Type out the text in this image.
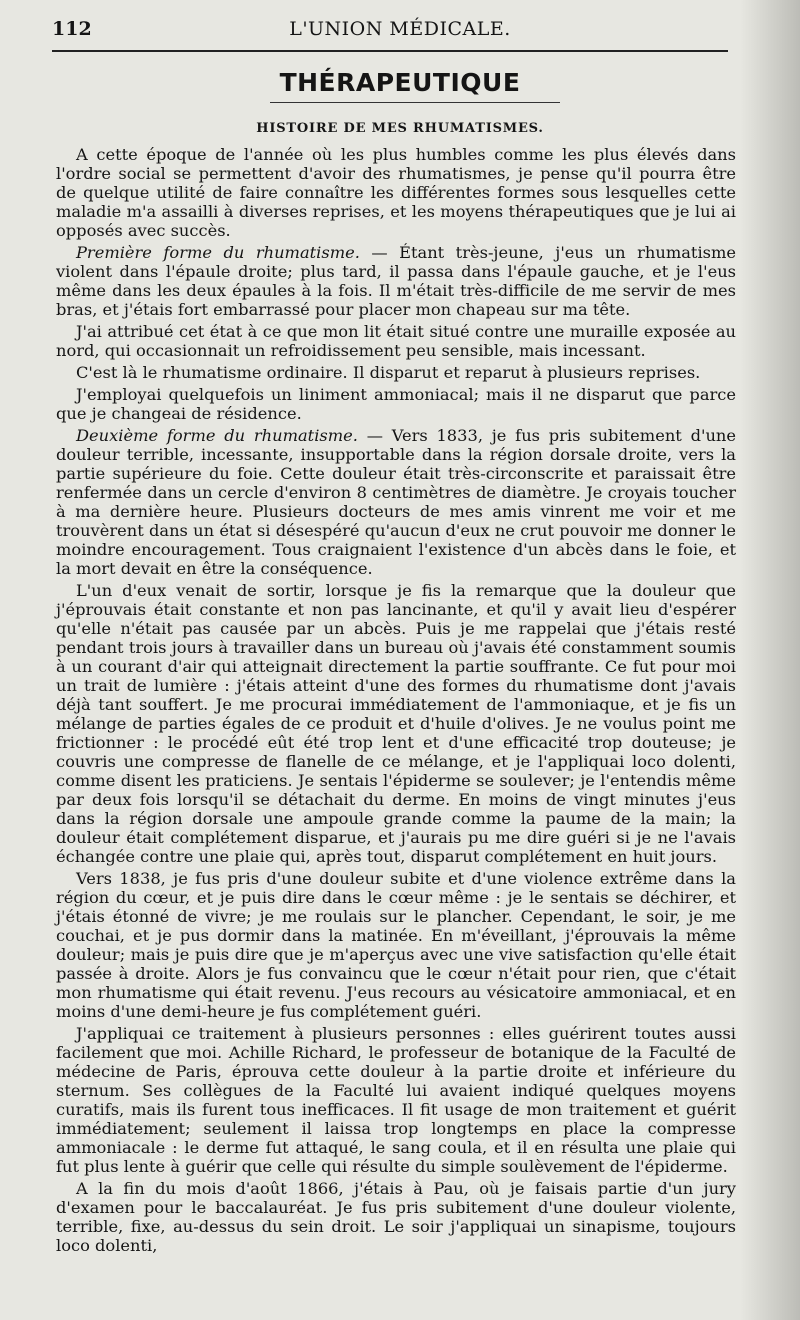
112	L'UNION MÉDICALE.
THÉRAPEUTIQUE
HISTOIRE DE MES RHUMATISMES.

A cette époque de l'année où les plus humbles comme les plus élevés dans l'ordre social se permettent d'avoir des rhumatismes, je pense qu'il pourra être de quelque utilité de faire connaître les différentes formes sous lesquelles cette maladie m'a assailli à diverses reprises, et les moyens thérapeutiques que je lui ai opposés avec succès.

Première forme du rhumatisme. — Étant très-jeune, j'eus un rhumatisme violent dans l'épaule droite; plus tard, il passa dans l'épaule gauche, et je l'eus même dans les deux épaules à la fois. Il m'était très-difficile de me servir de mes bras, et j'étais fort embarrassé pour placer mon chapeau sur ma tête.

J'ai attribué cet état à ce que mon lit était situé contre une muraille exposée au nord, qui occasionnait un refroidissement peu sensible, mais incessant.

C'est là le rhumatisme ordinaire. Il disparut et reparut à plusieurs reprises.

J'employai quelquefois un liniment ammoniacal; mais il ne disparut que parce que je changeai de résidence.

Deuxième forme du rhumatisme. — Vers 1833, je fus pris subitement d'une douleur terrible, incessante, insupportable dans la région dorsale droite, vers la partie supérieure du foie. Cette douleur était très-circonscrite et paraissait être renfermée dans un cercle d'environ 8 centimètres de diamètre. Je croyais toucher à ma dernière heure. Plusieurs docteurs de mes amis vinrent me voir et me trouvèrent dans un état si désespéré qu'aucun d'eux ne crut pouvoir me donner le moindre encouragement. Tous craignaient l'existence d'un abcès dans le foie, et la mort devait en être la conséquence.

L'un d'eux venait de sortir, lorsque je fis la remarque que la douleur que j'éprouvais était constante et non pas lancinante, et qu'il y avait lieu d'espérer qu'elle n'était pas causée par un abcès. Puis je me rappelai que j'étais resté pendant trois jours à travailler dans un bureau où j'avais été constamment soumis à un courant d'air qui atteignait directement la partie souffrante. Ce fut pour moi un trait de lumière : j'étais atteint d'une des formes du rhumatisme dont j'avais déjà tant souffert. Je me procurai immédiatement de l'ammoniaque, et je fis un mélange de parties égales de ce produit et d'huile d'olives. Je ne voulus point me frictionner : le procédé eût été trop lent et d'une efficacité trop douteuse; je couvris une compresse de flanelle de ce mélange, et je l'appliquai loco dolenti, comme disent les praticiens. Je sentais l'épiderme se soulever; je l'entendis même par deux fois lorsqu'il se détachait du derme. En moins de vingt minutes j'eus dans la région dorsale une ampoule grande comme la paume de la main; la douleur était complétement disparue, et j'aurais pu me dire guéri si je ne l'avais échangée contre une plaie qui, après tout, disparut complétement en huit jours.

Vers 1838, je fus pris d'une douleur subite et d'une violence extrême dans la région du cœur, et je puis dire dans le cœur même : je le sentais se déchirer, et j'étais étonné de vivre; je me roulais sur le plancher. Cependant, le soir, je me couchai, et je pus dormir dans la matinée. En m'éveillant, j'éprouvais la même douleur; mais je puis dire que je m'aperçus avec une vive satisfaction qu'elle était passée à droite. Alors je fus convaincu que le cœur n'était pour rien, que c'était mon rhumatisme qui était revenu. J'eus recours au vésicatoire ammoniacal, et en moins d'une demi-heure je fus complétement guéri.

J'appliquai ce traitement à plusieurs personnes : elles guérirent toutes aussi facilement que moi. Achille Richard, le professeur de botanique de la Faculté de médecine de Paris, éprouva cette douleur à la partie droite et inférieure du sternum. Ses collègues de la Faculté lui avaient indiqué quelques moyens curatifs, mais ils furent tous inefficaces. Il fit usage de mon traitement et guérit immédiatement; seulement il laissa trop longtemps en place la compresse ammoniacale : le derme fut attaqué, le sang coula, et il en résulta une plaie qui fut plus lente à guérir que celle qui résulte du simple soulèvement de l'épiderme.

A la fin du mois d'août 1866, j'étais à Pau, où je faisais partie d'un jury d'examen pour le baccalauréat. Je fus pris subitement d'une douleur violente, terrible, fixe, au-dessus du sein droit. Le soir j'appliquai un sinapisme, toujours loco dolenti,
